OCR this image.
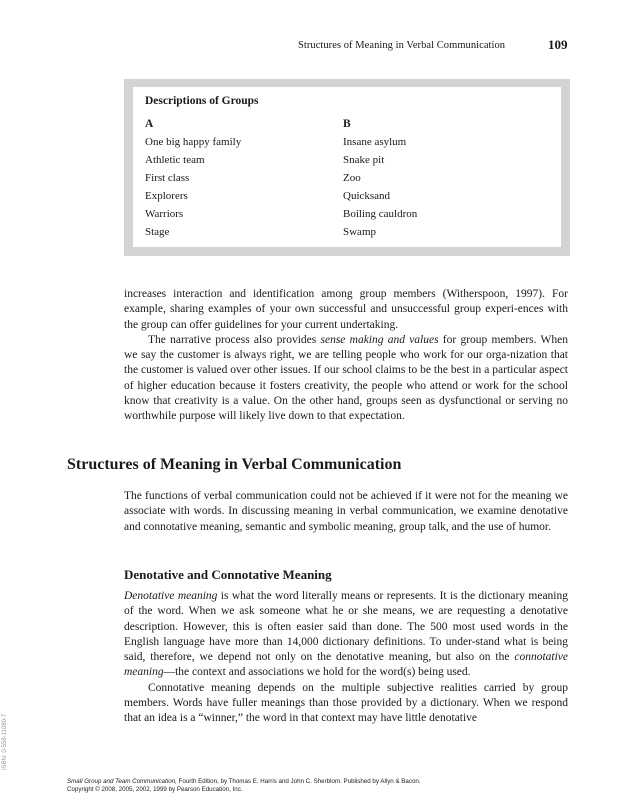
Structures of Meaning in Verbal Communication	109
Descriptions of Groups
A
One big happy family
Athletic team
First class
Explorers
Warriors
Stage
B
Insane asylum
Snake pit
Zoo
Quicksand
Boiling cauldron
Swamp

increases interaction and identification among group members (Witherspoon, 1997). For example, sharing examples of your own successful and unsuccessful group experi-ences with the group can offer guidelines for your current undertaking.

The narrative process also provides sense making and values for group members. When we say the customer is always right, we are telling people who work for our orga-nization that the customer is valued over other issues. If our school claims to be the best in a particular aspect of higher education because it fosters creativity, the people who attend or work for the school know that creativity is a value. On the other hand, groups seen as dysfunctional or serving no worthwhile purpose will likely live down to that expectation.

Structures of Meaning in Verbal Communication

The functions of verbal communication could not be achieved if it were not for the meaning we associate with words. In discussing meaning in verbal communication, we examine denotative and connotative meaning, semantic and symbolic meaning, group talk, and the use of humor.

Denotative and Connotative Meaning

Denotative meaning is what the word literally means or represents. It is the dictionary meaning of the word. When we ask someone what he or she means, we are requesting a denotative description. However, this is often easier said than done. The 500 most used words in the English language have more than 14,000 dictionary definitions. To under-stand what is being said, therefore, we depend not only on the denotative meaning, but also on the connotative meaning—the context and associations we hold for the word(s) being used.

Connotative meaning depends on the multiple subjective realities carried by group members. Words have fuller meanings than those provided by a dictionary. When we respond that an idea is a “winner,” the word in that context may have little denotative

ISBN: 0-558-11080-7
Small Group and Team Communication, Fourth Edition, by Thomas E. Harris and John C. Sherblom. Published by Allyn & Bacon.
Copyright © 2008, 2005, 2002, 1999 by Pearson Education, Inc.
